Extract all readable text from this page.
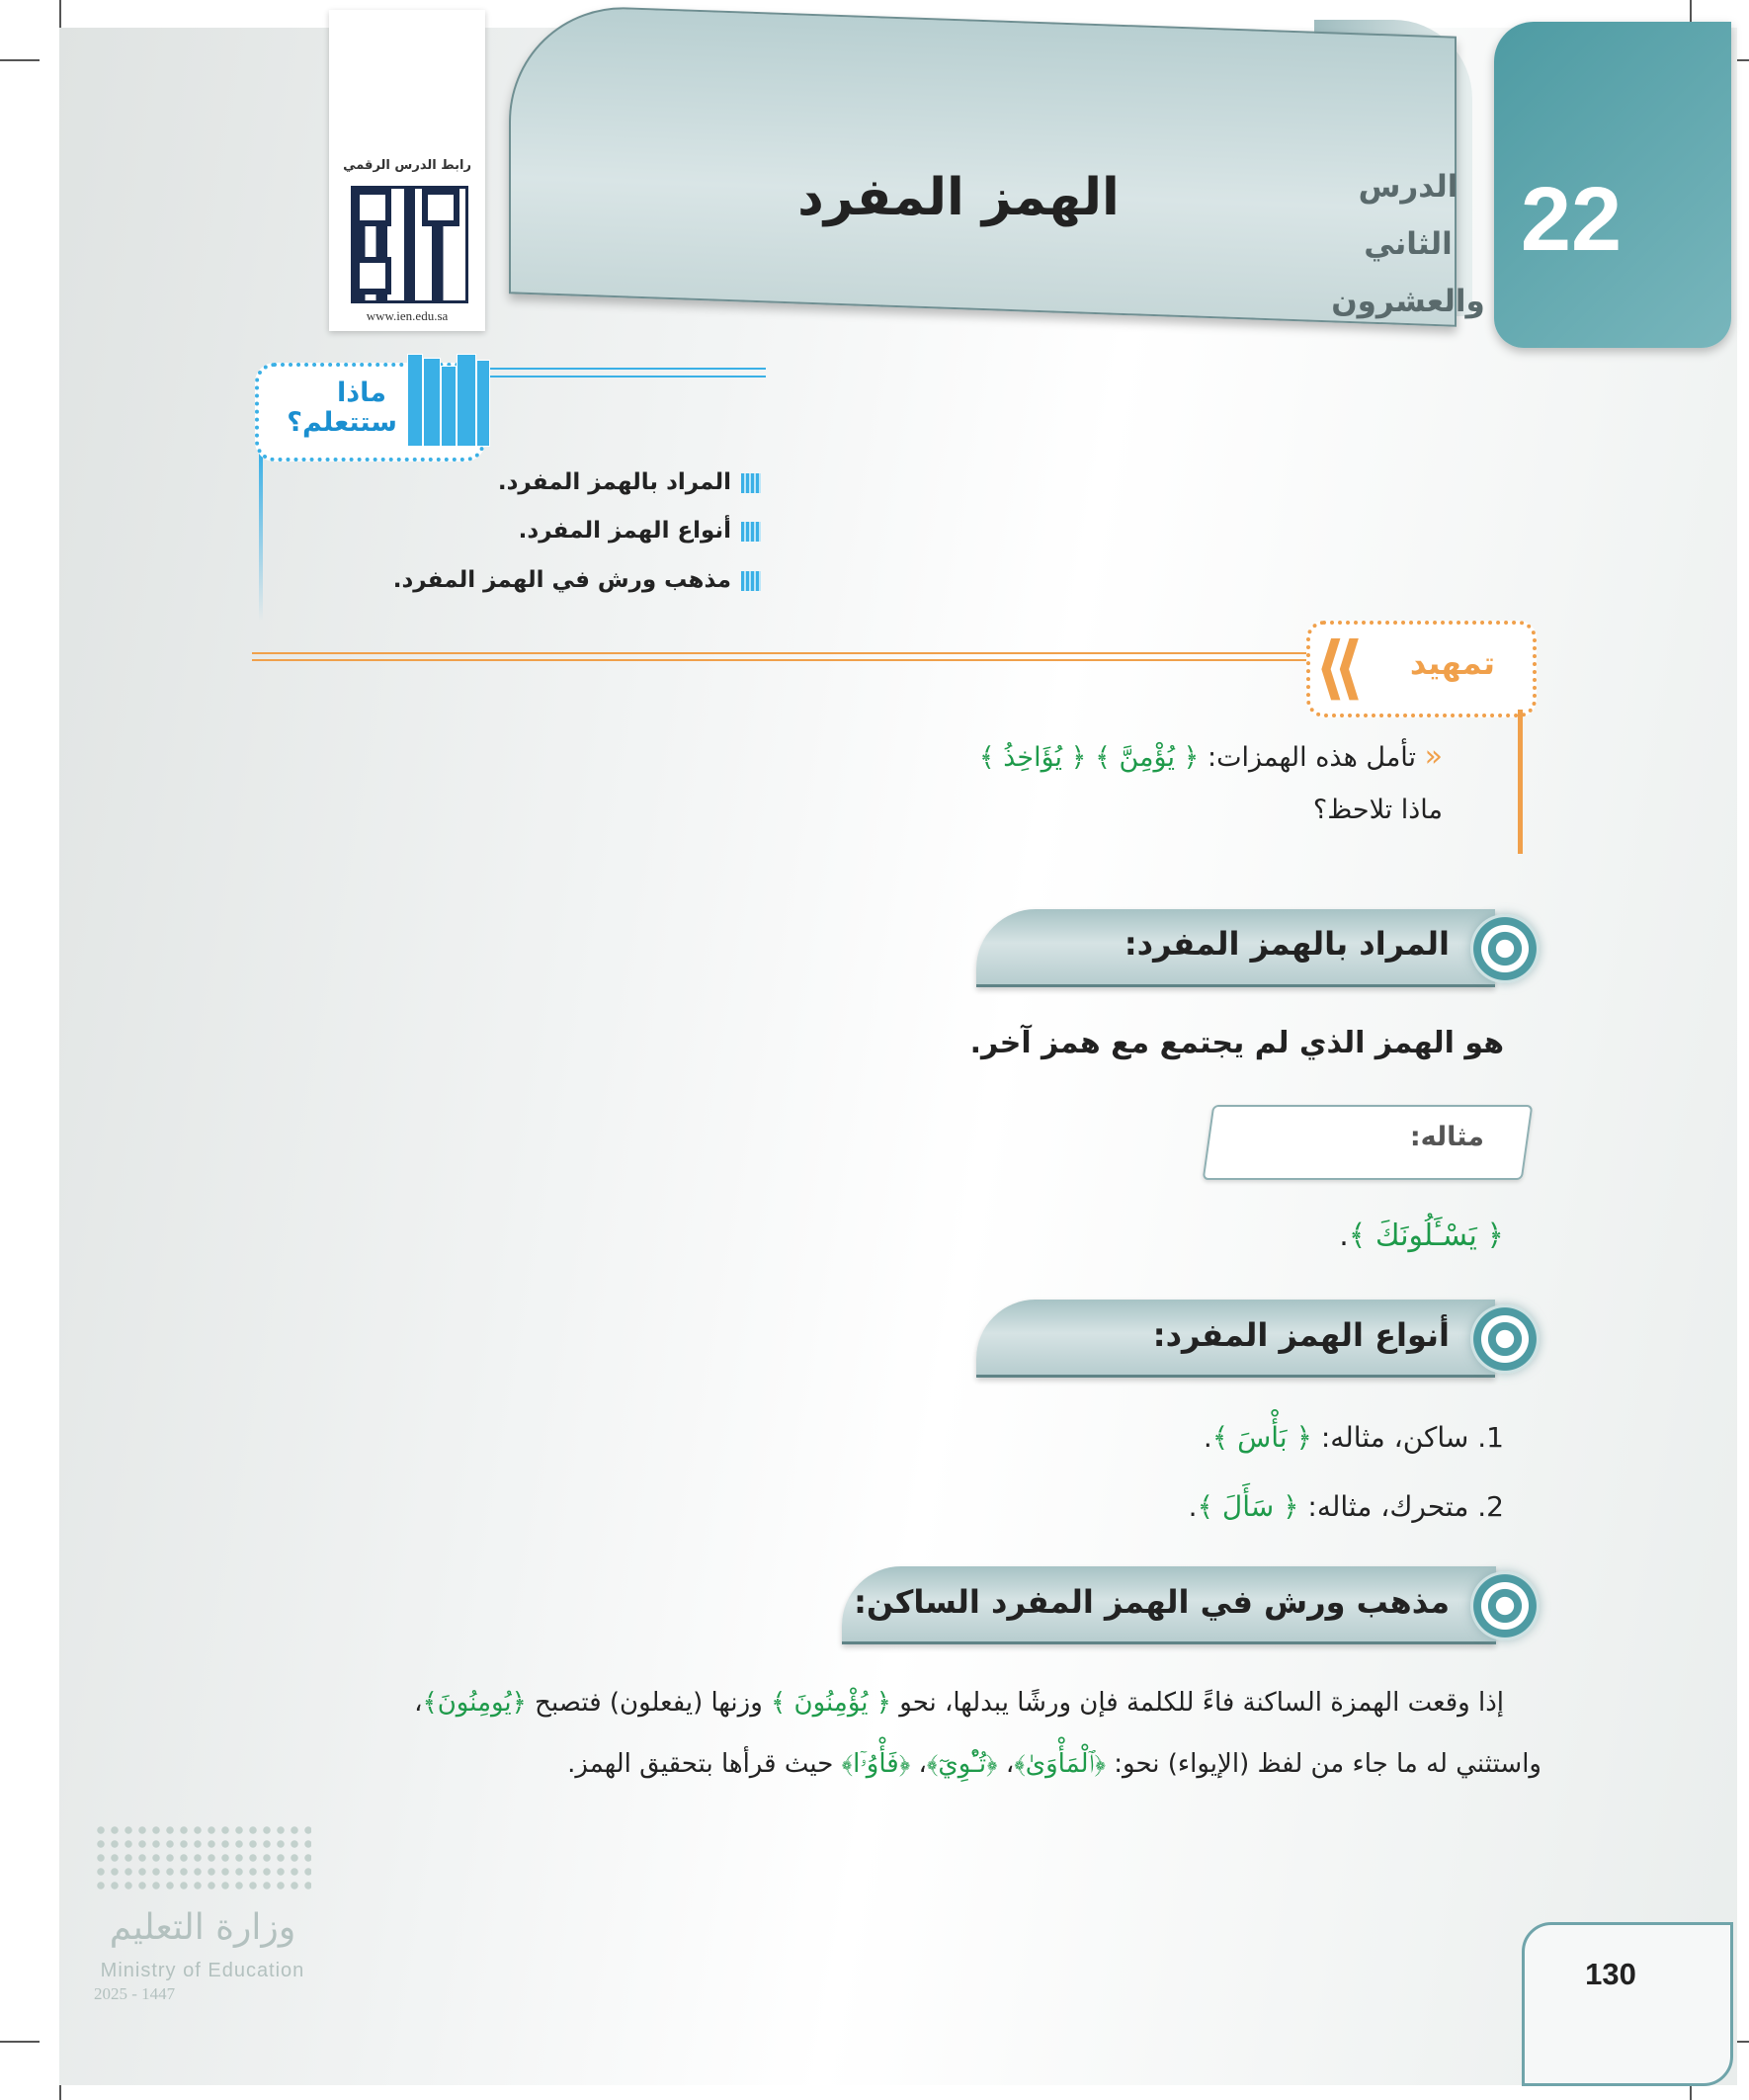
الهمز المفرد	22
الدرس الثاني والعشرون
رابط الدرس الرقمي
www.ien.edu.sa
ماذا ستتعلم؟
المراد بالهمز المفرد.
أنواع الهمز المفرد.
مذهب ورش في الهمز المفرد.
⟪	تمهيد
« تأمل هذه الهمزات: ﴿ يُؤْمِنَّ ﴾ ﴿ يُؤَاخِذُ ﴾
ماذا تلاحظ؟
المراد بالهمز المفرد:
هو الهمز الذي لم يجتمع مع همز آخر.
مثاله:
﴿ يَسْـَٔلُونَكَ ﴾.
أنواع الهمز المفرد:
1. ساكن، مثاله: ﴿ بَأْسَ ﴾.
2. متحرك، مثاله: ﴿ سَأَلَ ﴾.
مذهب ورش في الهمز المفرد الساكن:
إذا وقعت الهمزة الساكنة فاءً للكلمة فإن ورشًا يبدلها، نحو ﴿ يُؤْمِنُونَ ﴾ وزنها (يفعلون) فتصبح ﴿يُومِنُونَ﴾،
واستثني له ما جاء من لفظ (الإيواء) نحو: ﴿ٱلْمَأْوَىٰ﴾، ﴿تُـْٔوِيٓ﴾، ﴿فَأْوُۥٓا﴾ حيث قرأها بتحقيق الهمز.
وزارة التعليم
Ministry of Education
2025 - 1447
130
